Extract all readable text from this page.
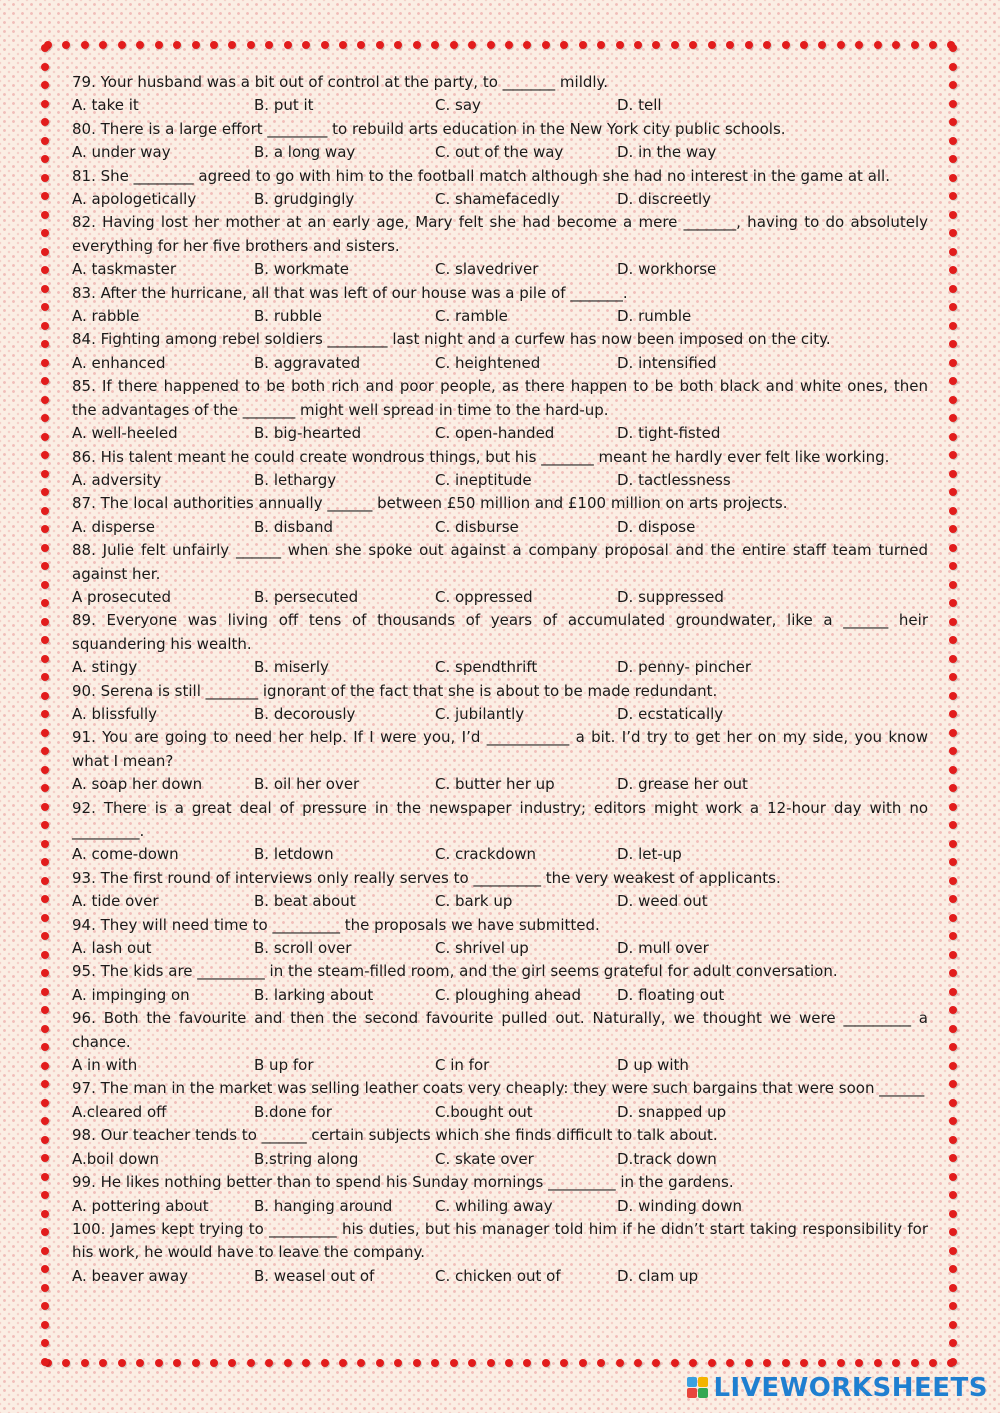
79. Your husband was a bit out of control at the party, to _______ mildly.
A. take it	B. put it	C. say	D. tell
80. There is a large effort ________ to rebuild arts education in the New York city public schools.
A. under way	B. a long way	C. out of the way	D. in the way
81. She ________ agreed to go with him to the football match although she had no interest in the game at all.
A. apologetically	B. grudgingly	C. shamefacedly	D. discreetly
82. Having lost her mother at an early age, Mary felt she had become a mere _______, having to do absolutely everything for her five brothers and sisters.
A. taskmaster	B. workmate	C. slavedriver	D. workhorse
83. After the hurricane, all that was left of our house was a pile of _______.
A. rabble	B. rubble	C. ramble	D. rumble
84. Fighting among rebel soldiers ________ last night and a curfew has now been imposed on the city.
A. enhanced	B. aggravated	C. heightened	D. intensified
85. If there happened to be both rich and poor people, as there happen to be both black and white ones, then the advantages of the _______ might well spread in time to the hard-up.
A. well-heeled	B. big-hearted	C. open-handed	D. tight-fisted
86. His talent meant he could create wondrous things, but his _______ meant he hardly ever felt like working.
A. adversity	B. lethargy	C. ineptitude	D. tactlessness
87. The local authorities annually ______ between £50 million and £100 million on arts projects.
A. disperse	B. disband	C. disburse	D. dispose
88. Julie felt unfairly ______ when she spoke out against a company proposal and the entire staff team turned against her.
A prosecuted	B. persecuted	C. oppressed	D. suppressed
89. Everyone was living off tens of thousands of years of accumulated groundwater, like a ______ heir squandering his wealth.
A. stingy	B. miserly	C. spendthrift	D. penny- pincher
90. Serena is still _______ ignorant of the fact that she is about to be made redundant.
A. blissfully	B. decorously	C. jubilantly	D. ecstatically
91. You are going to need her help. If I were you, I’d ___________ a bit. I’d try to get her on my side, you know what I mean?
A. soap her down	B. oil her over	C. butter her up	D. grease her out
92. There is a great deal of pressure in the newspaper industry; editors might work a 12-hour day with no _________.
A. come-down	B. letdown	C. crackdown	D. let-up
93. The first round of interviews only really serves to _________ the very weakest of applicants.
A. tide over	B. beat about	C. bark up	D. weed out
94. They will need time to _________ the proposals we have submitted.
A. lash out	B. scroll over	C. shrivel up	D. mull over
95. The kids are _________ in the steam-filled room, and the girl seems grateful for adult conversation.
A. impinging on	B. larking about	C. ploughing ahead	D. floating out
96. Both the favourite and then the second favourite pulled out. Naturally, we thought we were _________ a chance.
A in with	B up for	C in for	D up with
97. The man in the market was selling leather coats very cheaply: they were such bargains that were soon ______
A.cleared off	B.done for	C.bought out	D. snapped up
98. Our teacher tends to ______ certain subjects which she finds difficult to talk about.
A.boil down	B.string along	C. skate over	D.track down
99. He likes nothing better than to spend his Sunday mornings _________ in the gardens.
A. pottering about	B. hanging around	C. whiling away	D. winding down
100. James kept trying to _________ his duties, but his manager told him if he didn’t start taking responsibility for his work, he would have to leave the company.
A. beaver away	B. weasel out of	C. chicken out of	D. clam up
LIVEWORKSHEETS
